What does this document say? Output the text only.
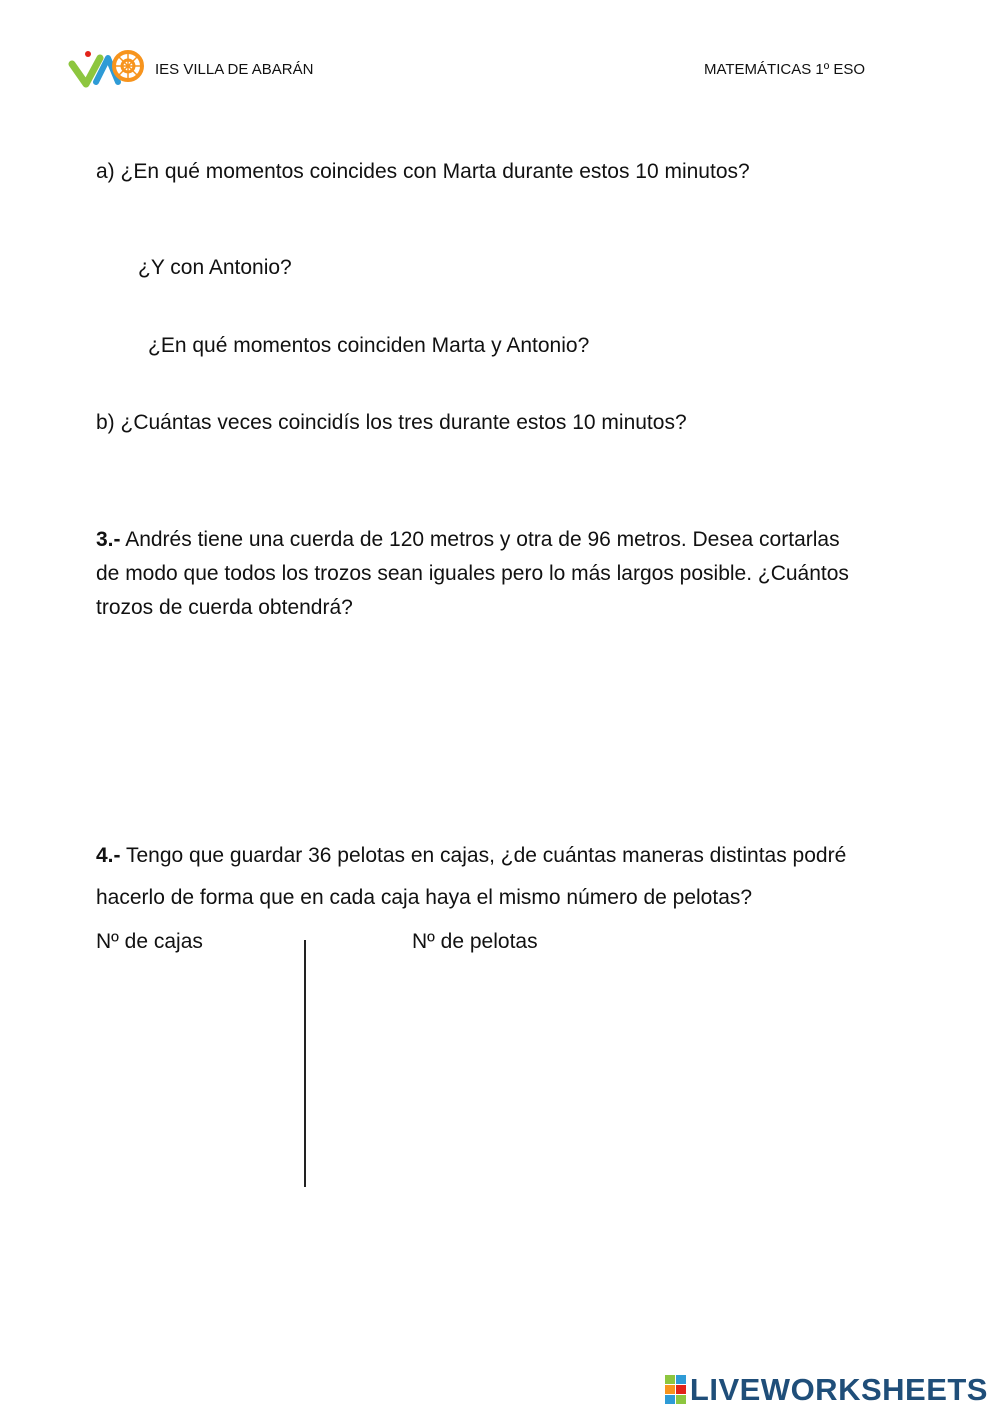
IES VILLA DE ABARÁN	MATEMÁTICAS 1º ESO
a) ¿En qué momentos coincides con Marta durante estos 10 minutos?
¿Y con Antonio?
¿En qué momentos coinciden Marta y Antonio?
b) ¿Cuántas veces coincidís los tres durante estos 10 minutos?
3.- Andrés tiene una cuerda de 120 metros y otra de 96 metros. Desea cortarlas
de modo que todos los trozos sean iguales pero lo más largos posible. ¿Cuántos
trozos de cuerda obtendrá?
4.- Tengo que guardar 36 pelotas en cajas, ¿de cuántas maneras distintas podré
hacerlo de forma que en cada caja haya el mismo número de pelotas?
Nº de cajas	Nº de pelotas
LIVEWORKSHEETS
